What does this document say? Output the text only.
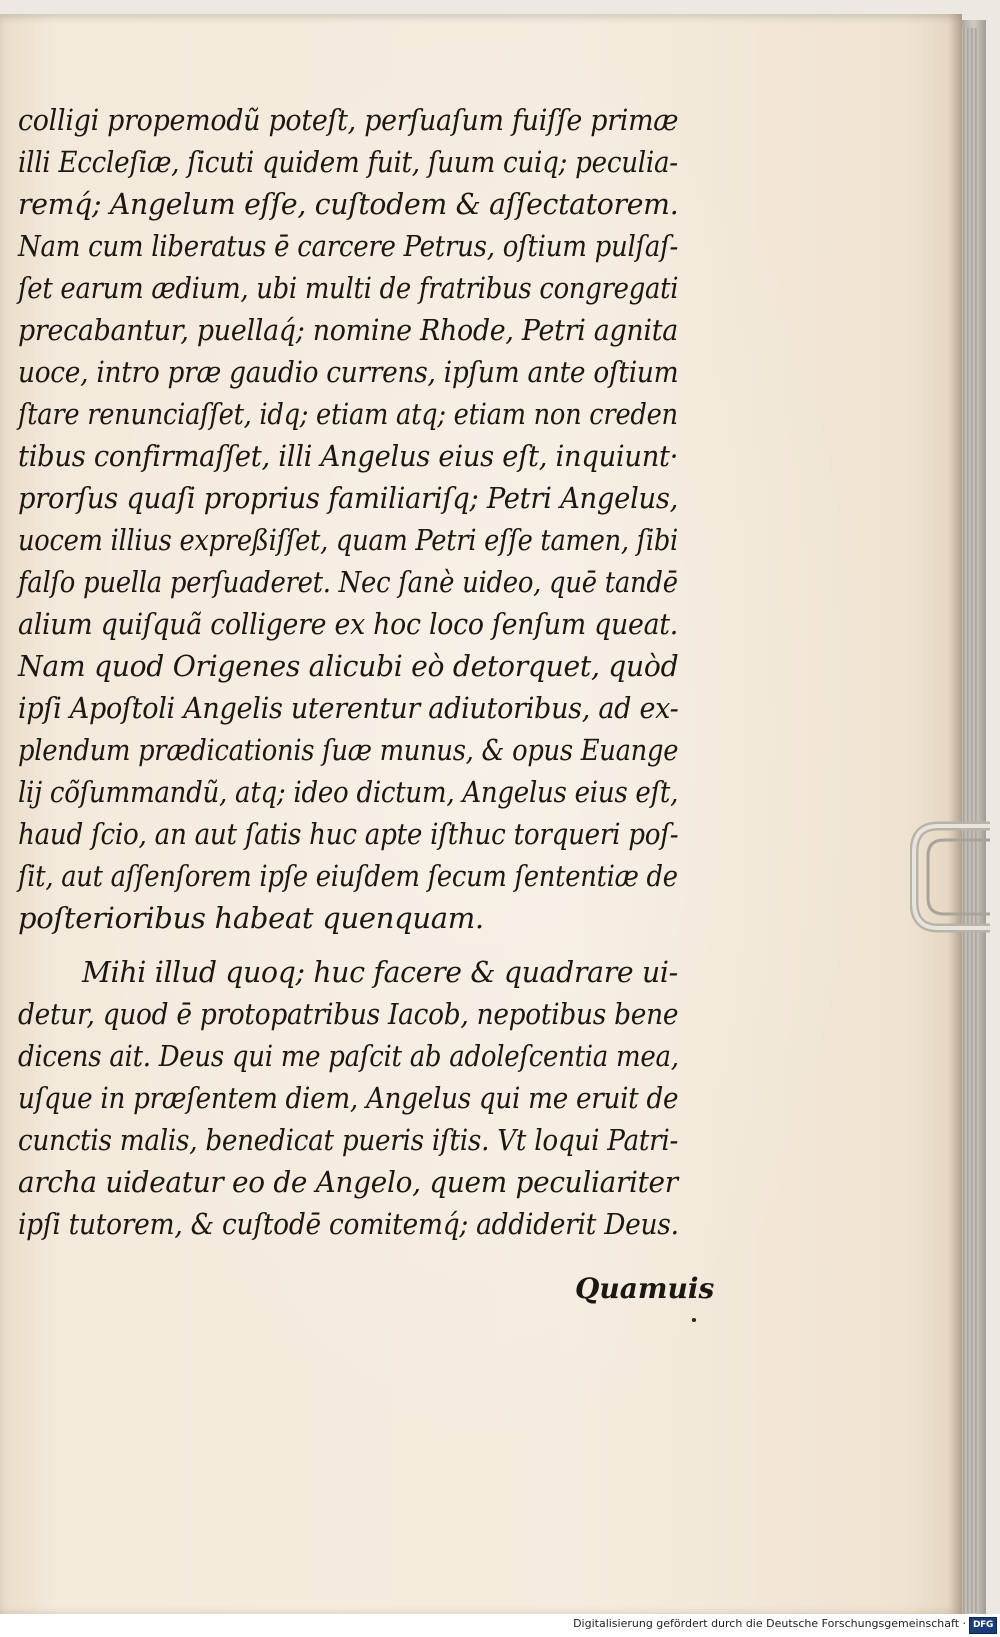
colligi propemodũ poteſt, perſuaſum fuiſſe primæ
illi Eccleſiæ, ſicuti quidem fuit, ſuum cuiq; peculia-
remq́; Angelum eſſe, cuſtodem & aſſectatorem.
Nam cum liberatus ē carcere Petrus, oſtium pulſaſ-
ſet earum ædium, ubi multi de fratribus congregati
precabantur, puellaq́; nomine Rhode, Petri agnita
uoce, intro præ gaudio currens, ipſum ante oſtium
ſtare renunciaſſet, idq; etiam atq; etiam non creden
tibus confirmaſſet, illi Angelus eius eſt, inquiunt·
prorſus quaſi proprius familiariſq; Petri Angelus,
uocem illius expreßiſſet, quam Petri eſſe tamen, ſibi
falſo puella perſuaderet. Nec ſanè uideo, quē tandē
alium quiſquã colligere ex hoc loco ſenſum queat.
Nam quod Origenes alicubi eò detorquet, quòd
ipſi Apoſtoli Angelis uterentur adiutoribus, ad ex-
plendum prædicationis ſuæ munus, & opus Euange
lij cõſummandũ, atq; ideo dictum, Angelus eius eſt,
haud ſcio, an aut ſatis huc apte iſthuc torqueri poſ-
ſit, aut aſſenſorem ipſe eiuſdem ſecum ſententiæ de
poſterioribus habeat quenquam.
Mihi illud quoq; huc facere & quadrare ui-
detur, quod ē protopatribus Iacob, nepotibus bene
dicens ait. Deus qui me paſcit ab adoleſcentia mea,
uſque in præſentem diem, Angelus qui me eruit de
cunctis malis, benedicat pueris iſtis. Vt loqui Patri-
archa uideatur eo de Angelo, quem peculiariter
ipſi tutorem, & cuſtodē comitemq́; addiderit Deus.
Quamuis
Digitalisierung gefördert durch die Deutsche Forschungsgemeinschaft · DFG
